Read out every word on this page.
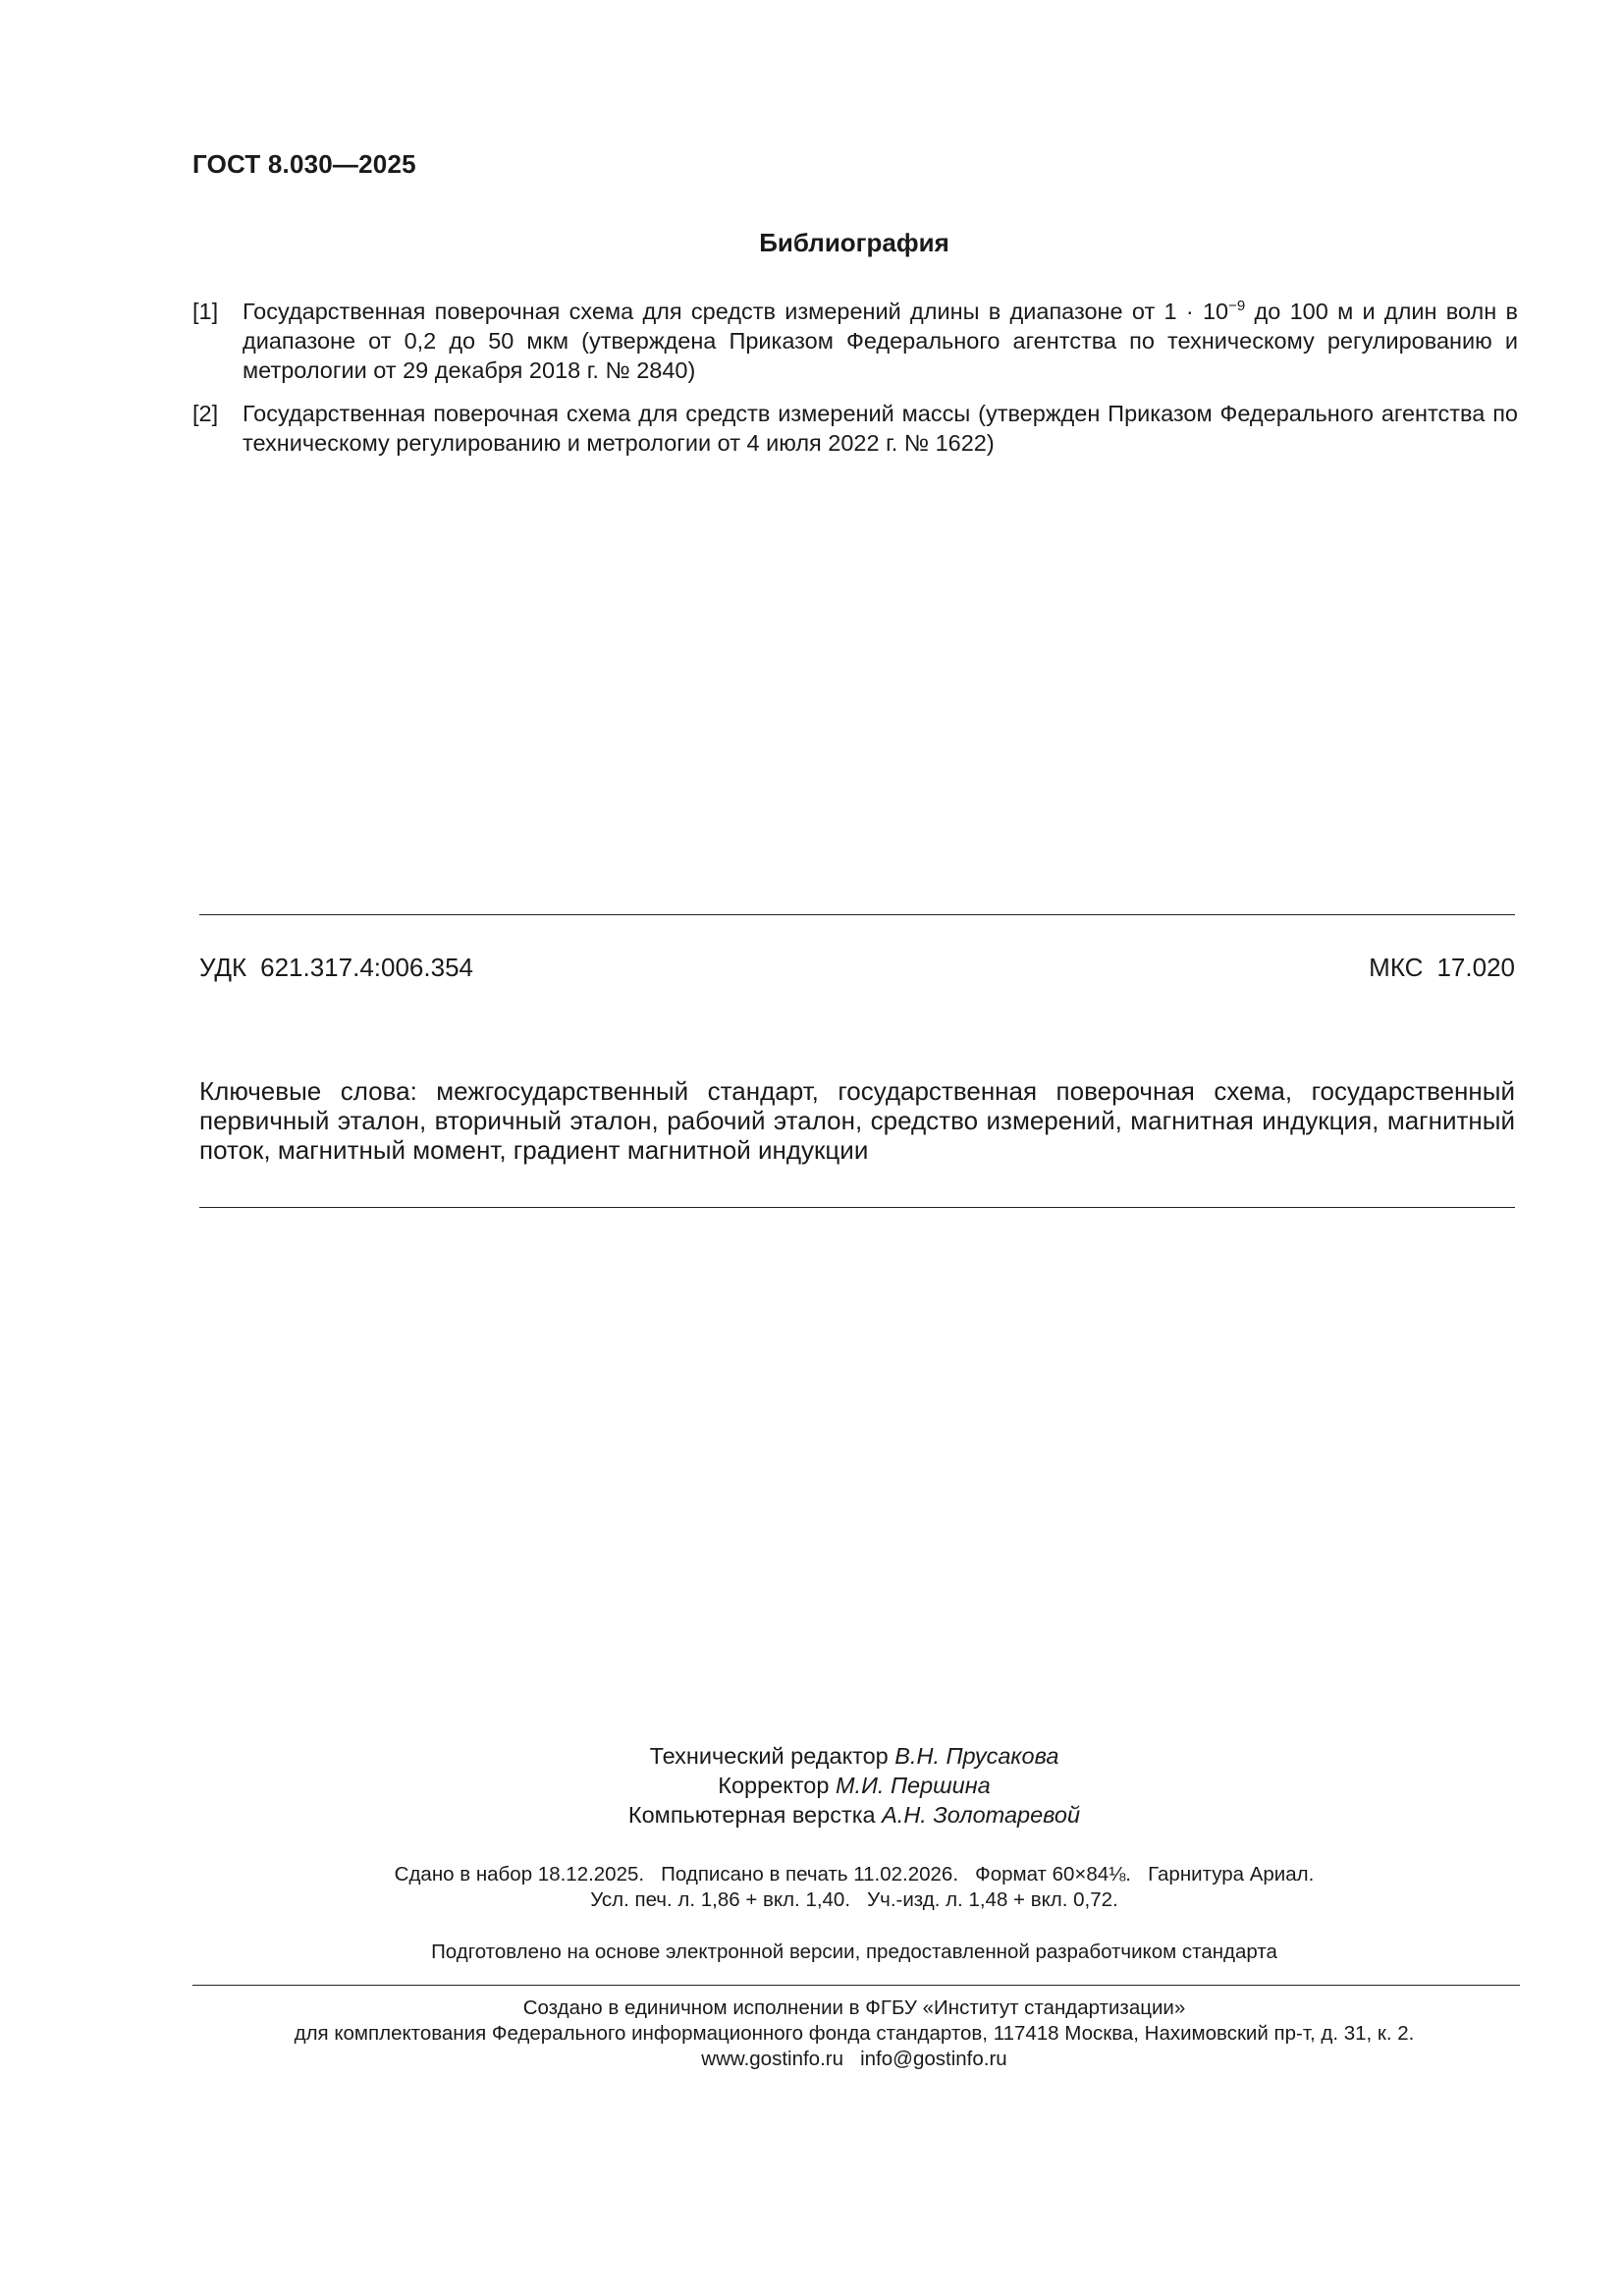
ГОСТ 8.030—2025
Библиография
[1] Государственная поверочная схема для средств измерений длины в диапазоне от $1 \cdot 10^{-9}$ до 100 м и длин волн в диапазоне от 0,2 до 50 мкм (утверждена Приказом Федерального агентства по техническому регулированию и метрологии от 29 декабря 2018 г. № 2840)
[2] Государственная поверочная схема для средств измерений массы (утвержден Приказом Федерального агентства по техническому регулированию и метрологии от 4 июля 2022 г. № 1622)
УДК 621.317.4:006.354	МКС 17.020
Ключевые слова: межгосударственный стандарт, государственная поверочная схема, государственный первичный эталон, вторичный эталон, рабочий эталон, средство измерений, магнитная индукция, магнитный поток, магнитный момент, градиент магнитной индукции
Технический редактор В.Н. Прусакова
Корректор М.И. Першина
Компьютерная верстка А.Н. Золотаревой
Сдано в набор 18.12.2025.   Подписано в печать 11.02.2026.   Формат 60×84⅛.   Гарнитура Ариал.
Усл. печ. л. 1,86 + вкл. 1,40.   Уч.-изд. л. 1,48 + вкл. 0,72.
Подготовлено на основе электронной версии, предоставленной разработчиком стандарта
Создано в единичном исполнении в ФГБУ «Институт стандартизации»
для комплектования Федерального информационного фонда стандартов, 117418 Москва, Нахимовский пр-т, д. 31, к. 2.
www.gostinfo.ru info@gostinfo.ru
